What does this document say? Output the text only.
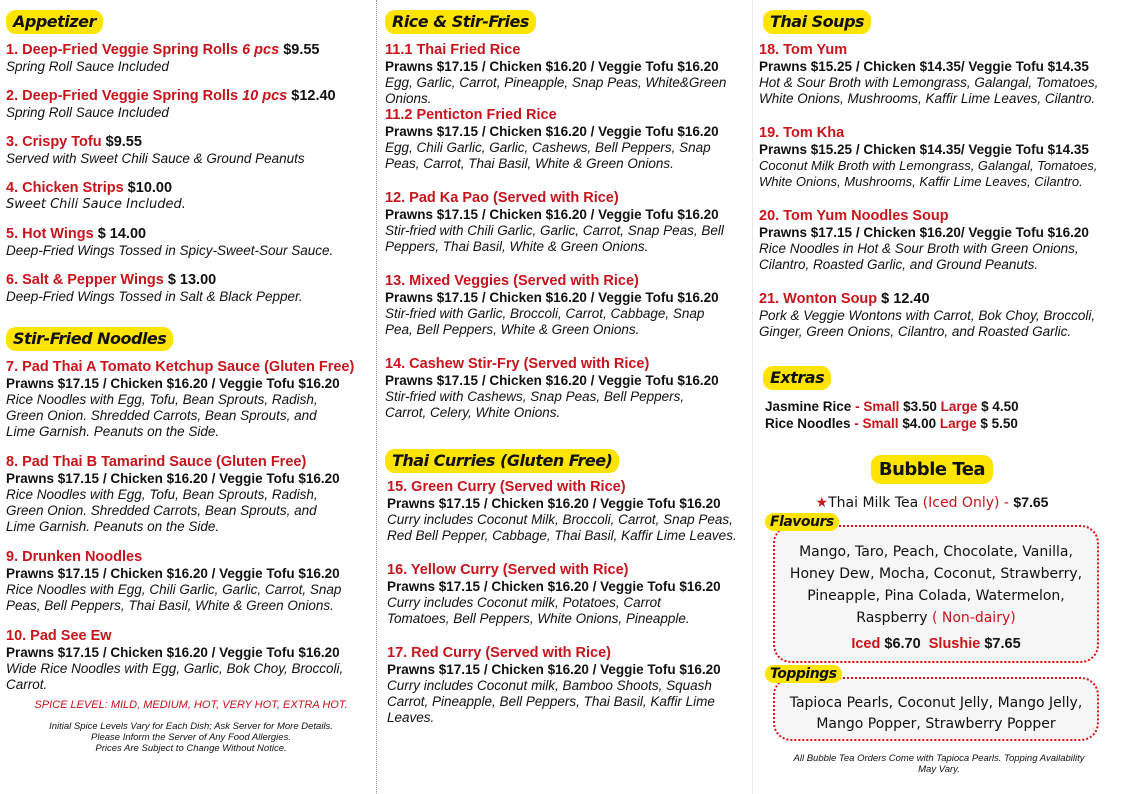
Appetizer
1. Deep-Fried Veggie Spring Rolls 6 pcs $9.55
Spring Roll Sauce Included
2. Deep-Fried Veggie Spring Rolls 10 pcs $12.40
Spring Roll Sauce Included
3. Crispy Tofu $9.55
Served with Sweet Chili Sauce & Ground Peanuts
4. Chicken Strips $10.00
Sweet Chili Sauce Included.
5. Hot Wings $ 14.00
Deep-Fried Wings Tossed in Spicy-Sweet-Sour Sauce.
6. Salt & Pepper Wings $ 13.00
Deep-Fried Wings Tossed in Salt & Black Pepper.
Stir-Fried Noodles
7. Pad Thai A Tomato Ketchup Sauce (Gluten Free)
Prawns $17.15 / Chicken $16.20 / Veggie Tofu $16.20
Rice Noodles with Egg, Tofu, Bean Sprouts, Radish, Green Onion. Shredded Carrots, Bean Sprouts, and Lime Garnish. Peanuts on the Side.
8. Pad Thai B Tamarind Sauce (Gluten Free)
Prawns $17.15 / Chicken $16.20 / Veggie Tofu $16.20
Rice Noodles with Egg, Tofu, Bean Sprouts, Radish, Green Onion. Shredded Carrots, Bean Sprouts, and Lime Garnish. Peanuts on the Side.
9. Drunken Noodles
Prawns $17.15 / Chicken $16.20 / Veggie Tofu $16.20
Rice Noodles with Egg, Chili Garlic, Garlic, Carrot, Snap Peas, Bell Peppers, Thai Basil, White & Green Onions.
10. Pad See Ew
Prawns $17.15 / Chicken $16.20 / Veggie Tofu $16.20
Wide Rice Noodles with Egg, Garlic, Bok Choy, Broccoli, Carrot.
SPICE LEVEL: MILD, MEDIUM, HOT, VERY HOT, EXTRA HOT.
Initial Spice Levels Vary for Each Dish; Ask Server for More Details.
Please Inform the Server of Any Food Allergies.
Prices Are Subject to Change Without Notice.
Rice & Stir-Fries
11.1 Thai Fried Rice
Prawns $17.15 / Chicken $16.20 / Veggie Tofu $16.20
Egg, Garlic, Carrot, Pineapple, Snap Peas, White&Green Onions.
11.2 Penticton Fried Rice
Prawns $17.15 / Chicken $16.20 / Veggie Tofu $16.20
Egg, Chili Garlic, Garlic, Cashews, Bell Peppers, Snap Peas, Carrot, Thai Basil, White & Green Onions.
12. Pad Ka Pao (Served with Rice)
Prawns $17.15 / Chicken $16.20 / Veggie Tofu $16.20
Stir-fried with Chili Garlic, Garlic, Carrot, Snap Peas, Bell Peppers, Thai Basil, White & Green Onions.
13. Mixed Veggies (Served with Rice)
Prawns $17.15 / Chicken $16.20 / Veggie Tofu $16.20
Stir-fried with Garlic, Broccoli, Carrot, Cabbage, Snap Pea, Bell Peppers, White & Green Onions.
14. Cashew Stir-Fry (Served with Rice)
Prawns $17.15 / Chicken $16.20 / Veggie Tofu $16.20
Stir-fried with Cashews, Snap Peas, Bell Peppers, Carrot, Celery, White Onions.
Thai Curries (Gluten Free)
15. Green Curry (Served with Rice)
Prawns $17.15 / Chicken $16.20 / Veggie Tofu $16.20
Curry includes Coconut Milk, Broccoli, Carrot, Snap Peas, Red Bell Pepper, Cabbage, Thai Basil, Kaffir Lime Leaves.
16. Yellow Curry (Served with Rice)
Prawns $17.15 / Chicken $16.20 / Veggie Tofu $16.20
Curry includes Coconut milk, Potatoes, Carrot Tomatoes, Bell Peppers, White Onions, Pineapple.
17. Red Curry (Served with Rice)
Prawns $17.15 / Chicken $16.20 / Veggie Tofu $16.20
Curry includes Coconut milk, Bamboo Shoots, Squash Carrot, Pineapple, Bell Peppers, Thai Basil, Kaffir Lime Leaves.
Thai Soups
18. Tom Yum
Prawns $15.25 / Chicken $14.35/ Veggie Tofu $14.35
Hot & Sour Broth with Lemongrass, Galangal, Tomatoes, White Onions, Mushrooms, Kaffir Lime Leaves, Cilantro.
19. Tom Kha
Prawns $15.25 / Chicken $14.35/ Veggie Tofu $14.35
Coconut Milk Broth with Lemongrass, Galangal, Tomatoes, White Onions, Mushrooms, Kaffir Lime Leaves, Cilantro.
20. Tom Yum Noodles Soup
Prawns $17.15 / Chicken $16.20/ Veggie Tofu $16.20
Rice Noodles in Hot & Sour Broth with Green Onions, Cilantro, Roasted Garlic, and Ground Peanuts.
21. Wonton Soup $ 12.40
Pork & Veggie Wontons with Carrot, Bok Choy, Broccoli, Ginger, Green Onions, Cilantro, and Roasted Garlic.
Extras
Jasmine Rice - Small $3.50 Large $ 4.50
Rice Noodles - Small $4.00 Large $ 5.50
Bubble Tea
★Thai Milk Tea (Iced Only) - $7.65
Flavours
Mango, Taro, Peach, Chocolate, Vanilla, Honey Dew, Mocha, Coconut, Strawberry, Pineapple, Pina Colada, Watermelon, Raspberry ( Non-dairy)
Iced $6.70 Slushie $7.65
Toppings
Tapioca Pearls, Coconut Jelly, Mango Jelly, Mango Popper, Strawberry Popper
All Bubble Tea Orders Come with Tapioca Pearls. Topping Availability May Vary.
